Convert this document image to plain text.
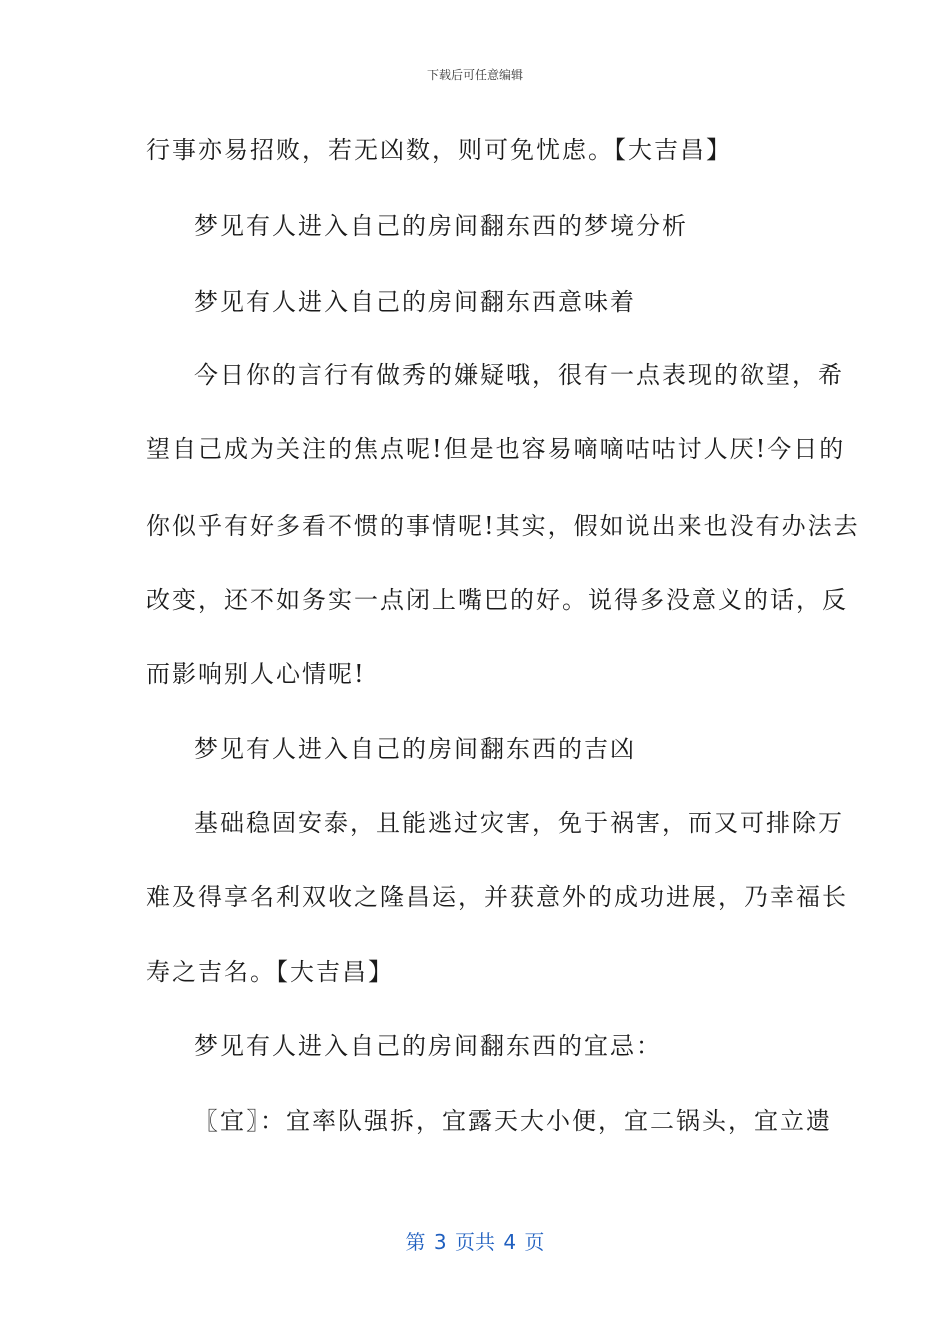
下载后可任意编辑
行事亦易招败，若无凶数，则可免忧虑。【大吉昌】
梦见有人进入自己的房间翻东西的梦境分析
梦见有人进入自己的房间翻东西意味着
今日你的言行有做秀的嫌疑哦，很有一点表现的欲望，希
望自己成为关注的焦点呢!但是也容易嘀嘀咕咕讨人厌!今日的
你似乎有好多看不惯的事情呢!其实，假如说出来也没有办法去
改变，还不如务实一点闭上嘴巴的好。说得多没意义的话，反
而影响别人心情呢!
梦见有人进入自己的房间翻东西的吉凶
基础稳固安泰，且能逃过灾害，免于祸害，而又可排除万
难及得享名利双收之隆昌运，并获意外的成功进展，乃幸福长
寿之吉名。【大吉昌】
梦见有人进入自己的房间翻东西的宜忌：
〖宜〗：宜率队强拆，宜露天大小便，宜二锅头，宜立遗
第 3 页共 4 页
